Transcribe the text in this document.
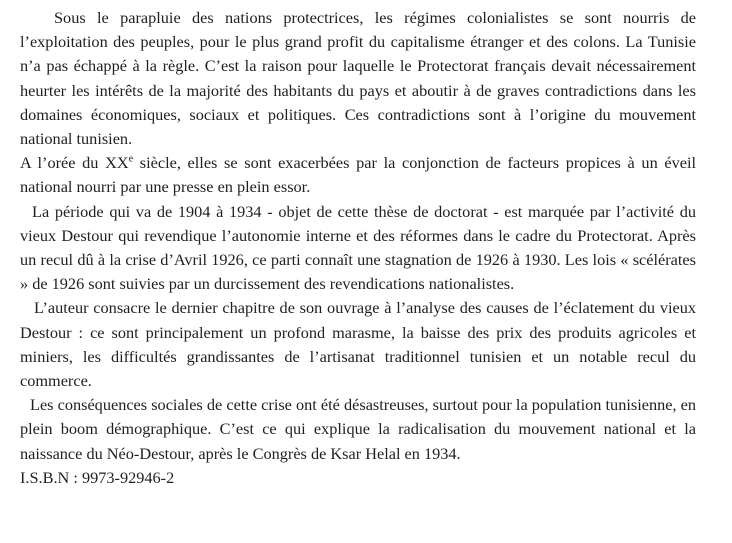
Sous le parapluie des nations protectrices, les régimes colonialistes se sont nourris de l’exploitation des peuples, pour le plus grand profit du capitalisme étranger et des colons. La Tunisie n’a pas échappé à la règle. C’est la raison pour laquelle le Protectorat français devait nécessairement heurter les intérêts de la majorité des habitants du pays et aboutir à de graves contradictions dans les domaines économiques, sociaux et politiques. Ces contradictions sont à l’origine du mouvement national tunisien.

A l’orée du XXe siècle, elles se sont exacerbées par la conjonction de facteurs propices à un éveil national nourri par une presse en plein essor.

La période qui va de 1904 à 1934 - objet de cette thèse de doctorat - est marquée par l’activité du vieux Destour qui revendique l’autonomie interne et des réformes dans le cadre du Protectorat. Après un recul dû à la crise d’Avril 1926, ce parti connaît une stagnation de 1926 à 1930. Les lois « scélérates » de 1926 sont suivies par un durcissement des revendications nationalistes.

L’auteur consacre le dernier chapitre de son ouvrage à l’analyse des causes de l’éclatement du vieux Destour : ce sont principalement un profond marasme, la baisse des prix des produits agricoles et miniers, les difficultés grandissantes de l’artisanat traditionnel tunisien et un notable recul du commerce.

Les conséquences sociales de cette crise ont été désastreuses, surtout pour la population tunisienne, en plein boom démographique. C’est ce qui explique la radicalisation du mouvement national et la naissance du Néo-Destour, après le Congrès de Ksar Helal en 1934.

I.S.B.N : 9973-92946-2
